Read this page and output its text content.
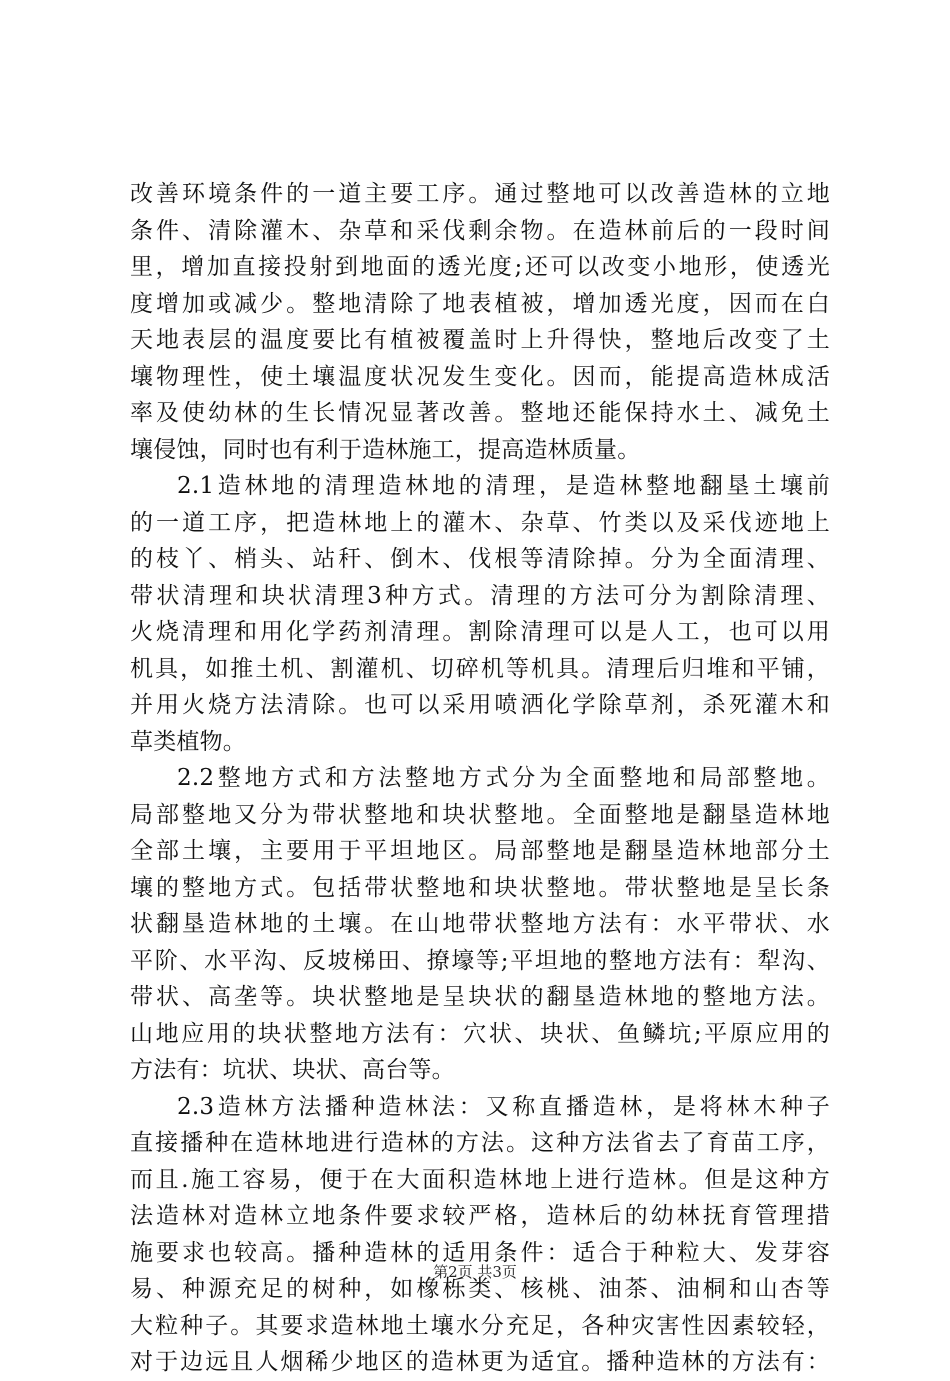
改善环境条件的一道主要工序。通过整地可以改善造林的立地
条件、清除灌木、杂草和采伐剩余物。在造林前后的一段时间
里，增加直接投射到地面的透光度;还可以改变小地形，使透光
度增加或减少。整地清除了地表植被，增加透光度，因而在白
天地表层的温度要比有植被覆盖时上升得快，整地后改变了土
壤物理性，使土壤温度状况发生变化。因而，能提高造林成活
率及使幼林的生长情况显著改善。整地还能保持水土、减免土
壤侵蚀，同时也有利于造林施工，提高造林质量。
2.1造林地的清理造林地的清理，是造林整地翻垦土壤前
的一道工序，把造林地上的灌木、杂草、竹类以及采伐迹地上
的枝丫、梢头、站秆、倒木、伐根等清除掉。分为全面清理、
带状清理和块状清理3种方式。清理的方法可分为割除清理、
火烧清理和用化学药剂清理。割除清理可以是人工，也可以用
机具，如推土机、割灌机、切碎机等机具。清理后归堆和平铺，
并用火烧方法清除。也可以采用喷洒化学除草剂，杀死灌木和
草类植物。
2.2整地方式和方法整地方式分为全面整地和局部整地。
局部整地又分为带状整地和块状整地。全面整地是翻垦造林地
全部土壤，主要用于平坦地区。局部整地是翻垦造林地部分土
壤的整地方式。包括带状整地和块状整地。带状整地是呈长条
状翻垦造林地的土壤。在山地带状整地方法有：水平带状、水
平阶、水平沟、反坡梯田、撩壕等;平坦地的整地方法有：犁沟、
带状、高垄等。块状整地是呈块状的翻垦造林地的整地方法。
山地应用的块状整地方法有：穴状、块状、鱼鳞坑;平原应用的
方法有：坑状、块状、高台等。
2.3造林方法播种造林法：又称直播造林，是将林木种子
直接播种在造林地进行造林的方法。这种方法省去了育苗工序，
而且.施工容易，便于在大面积造林地上进行造林。但是这种方
法造林对造林立地条件要求较严格，造林后的幼林抚育管理措
施要求也较高。播种造林的适用条件：适合于种粒大、发芽容
易、种源充足的树种，如橡栎类、核桃、油茶、油桐和山杏等
大粒种子。其要求造林地土壤水分充足，各种灾害性因素较轻，
对于边远且人烟稀少地区的造林更为适宜。播种造林的方法有：
第2页 共3页
